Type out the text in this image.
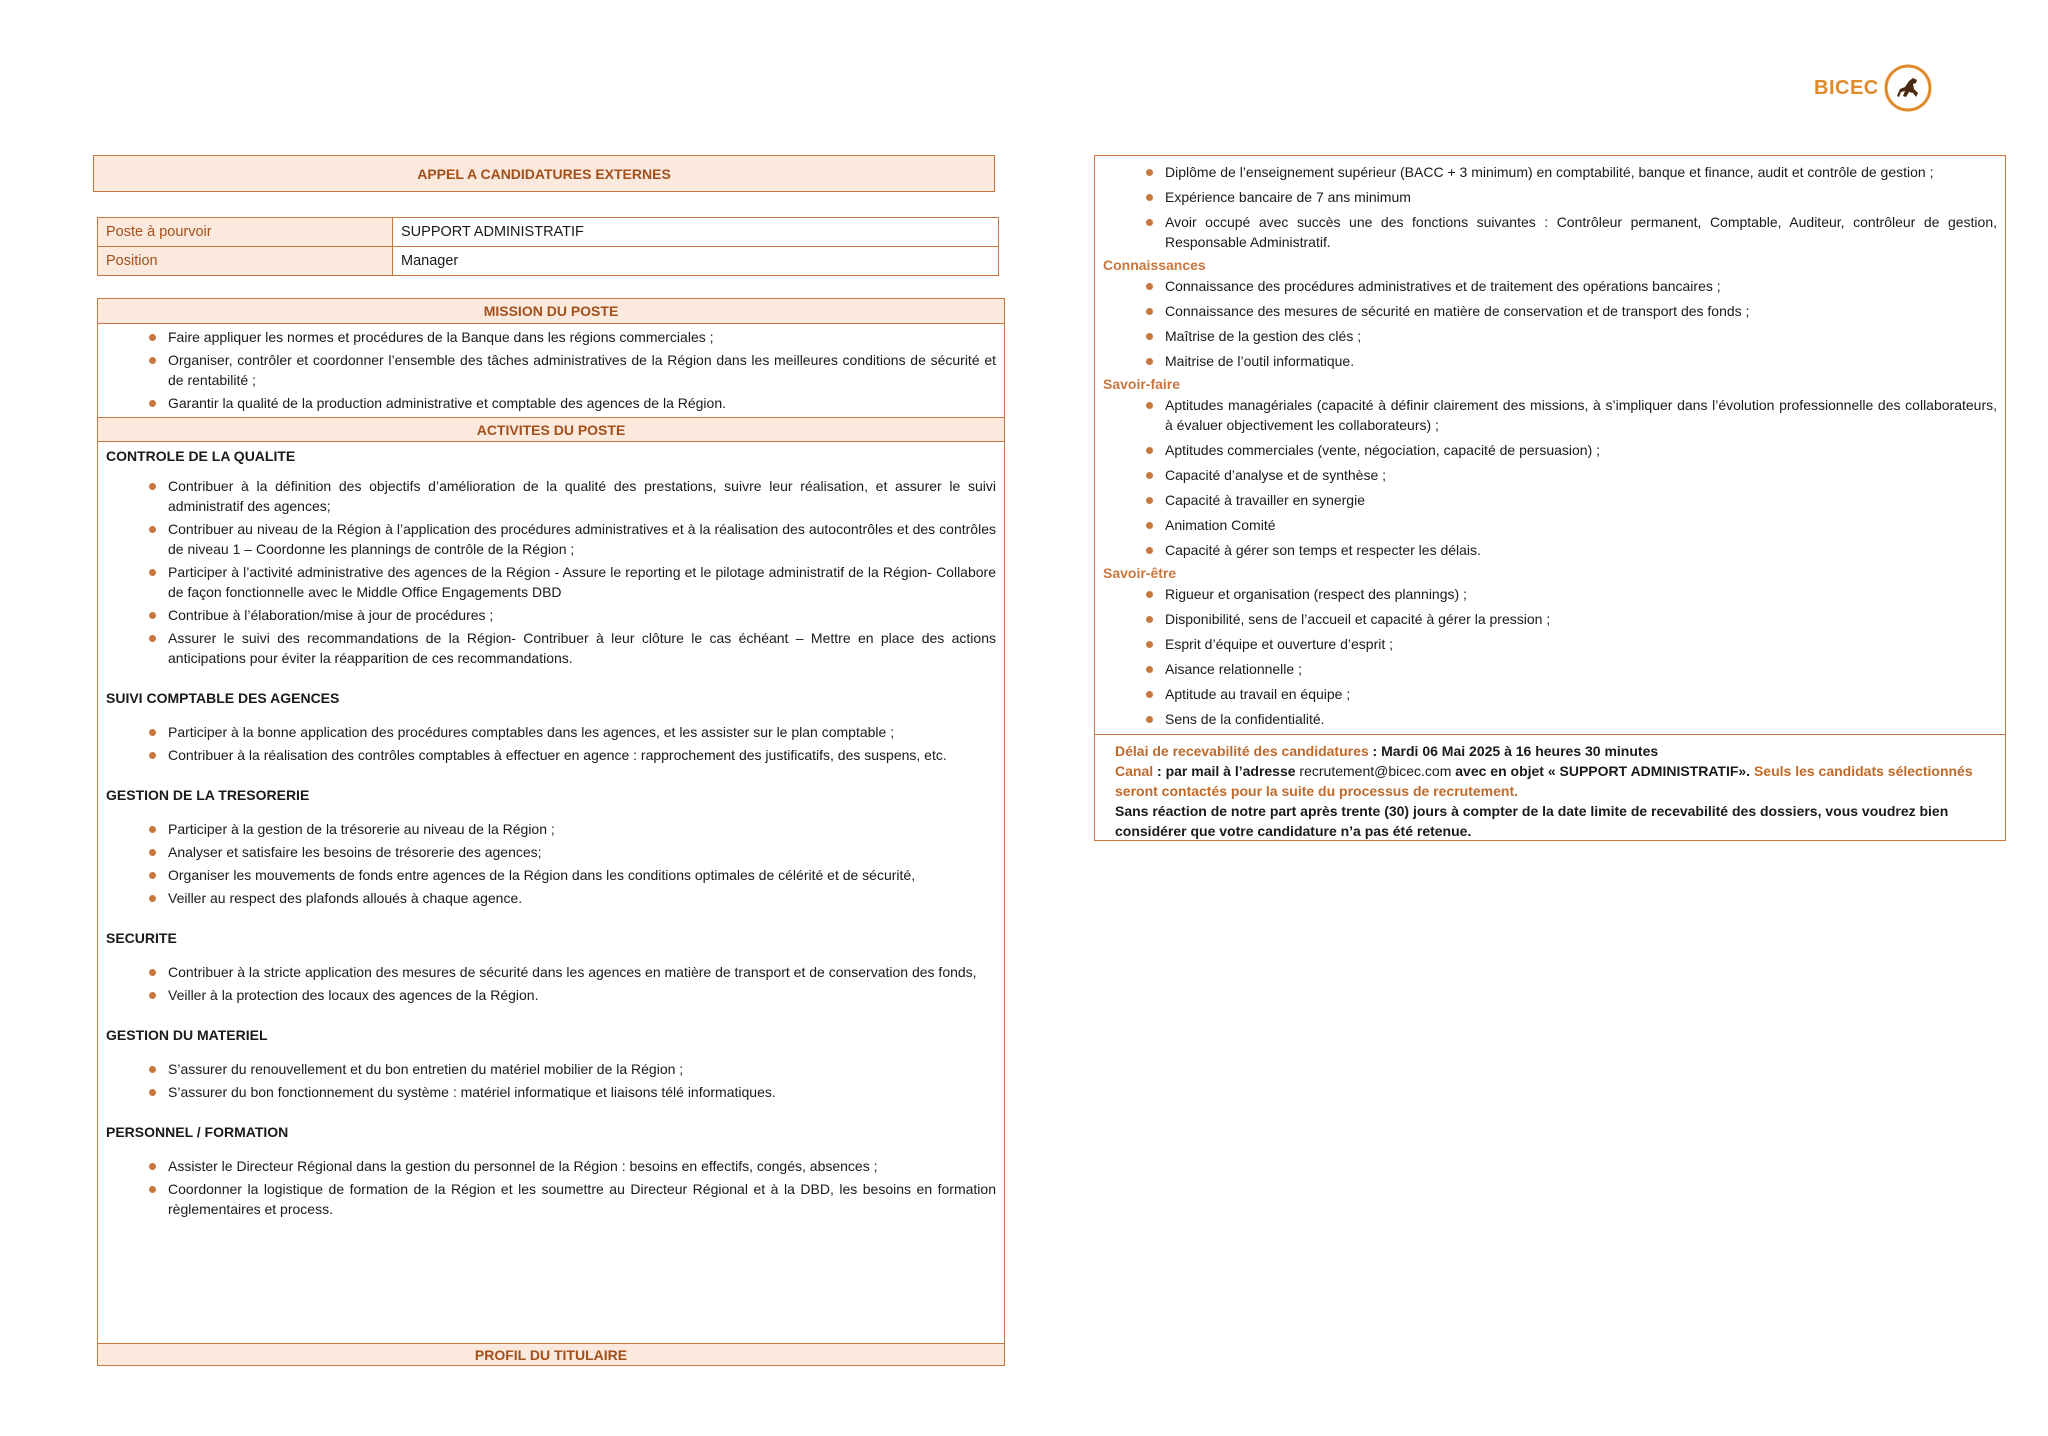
BICEC
APPEL A CANDIDATURES EXTERNES
Poste à pourvoir	SUPPORT ADMINISTRATIF
Position	Manager
MISSION DU POSTE
Faire appliquer les normes et procédures de la Banque dans les régions commerciales ;
Organiser, contrôler et coordonner l’ensemble des tâches administratives de la Région dans les meilleures conditions de sécurité et de rentabilité ;
Garantir la qualité de la production administrative et comptable des agences de la Région.
ACTIVITES DU POSTE
CONTROLE DE LA QUALITE
Contribuer à la définition des objectifs d’amélioration de la qualité des prestations, suivre leur réalisation, et assurer le suivi administratif des agences;
Contribuer au niveau de la Région à l’application des procédures administratives et à la réalisation des autocontrôles et des contrôles de niveau 1 – Coordonne les plannings de contrôle de la Région ;
Participer à l’activité administrative des agences de la Région - Assure le reporting et le pilotage administratif de la Région- Collabore de façon fonctionnelle avec le Middle Office Engagements DBD
Contribue à l’élaboration/mise à jour de procédures ;
Assurer le suivi des recommandations de la Région- Contribuer à leur clôture le cas échéant – Mettre en place des actions anticipations pour éviter la réapparition de ces recommandations.
SUIVI COMPTABLE DES AGENCES
Participer à la bonne application des procédures comptables dans les agences, et les assister sur le plan comptable ;
Contribuer à la réalisation des contrôles comptables à effectuer en agence : rapprochement des justificatifs, des suspens, etc.
GESTION DE LA TRESORERIE
Participer à la gestion de la trésorerie au niveau de la Région ;
Analyser et satisfaire les besoins de trésorerie des agences;
Organiser les mouvements de fonds entre agences de la Région dans les conditions optimales de célérité et de sécurité,
Veiller au respect des plafonds alloués à chaque agence.
SECURITE
Contribuer à la stricte application des mesures de sécurité dans les agences en matière de transport et de conservation des fonds,
Veiller à la protection des locaux des agences de la Région.
GESTION DU MATERIEL
S’assurer du renouvellement et du bon entretien du matériel mobilier de la Région ;
S’assurer du bon fonctionnement du système : matériel informatique et liaisons télé informatiques.
PERSONNEL / FORMATION
Assister le Directeur Régional dans la gestion du personnel de la Région : besoins en effectifs, congés, absences ;
Coordonner la logistique de formation de la Région et les soumettre au Directeur Régional et à la DBD, les besoins en formation règlementaires et process.
PROFIL DU TITULAIRE
Diplôme de l’enseignement supérieur (BACC + 3 minimum) en comptabilité, banque et finance, audit et contrôle de gestion ;
Expérience bancaire de 7 ans minimum
Avoir occupé avec succès une des fonctions suivantes : Contrôleur permanent, Comptable, Auditeur, contrôleur de gestion, Responsable Administratif.
Connaissances
Connaissance des procédures administratives et de traitement des opérations bancaires ;
Connaissance des mesures de sécurité en matière de conservation et de transport des fonds ;
Maîtrise de la gestion des clés ;
Maitrise de l’outil informatique.
Savoir-faire
Aptitudes managériales (capacité à définir clairement des missions, à s’impliquer dans l’évolution professionnelle des collaborateurs, à évaluer objectivement les collaborateurs) ;
Aptitudes commerciales (vente, négociation, capacité de persuasion) ;
Capacité d’analyse et de synthèse ;
Capacité à travailler en synergie
Animation Comité
Capacité à gérer son temps et respecter les délais.
Savoir-être
Rigueur et organisation (respect des plannings) ;
Disponibilité, sens de l’accueil et capacité à gérer la pression ;
Esprit d’équipe et ouverture d’esprit ;
Aisance relationnelle ;
Aptitude au travail en équipe ;
Sens de la confidentialité.
Délai de recevabilité des candidatures : Mardi 06 Mai 2025 à 16 heures 30 minutes
Canal : par mail à l’adresse recrutement@bicec.com avec en objet « SUPPORT ADMINISTRATIF». Seuls les candidats sélectionnés seront contactés pour la suite du processus de recrutement.
Sans réaction de notre part après trente (30) jours à compter de la date limite de recevabilité des dossiers, vous voudrez bien considérer que votre candidature n’a pas été retenue.
